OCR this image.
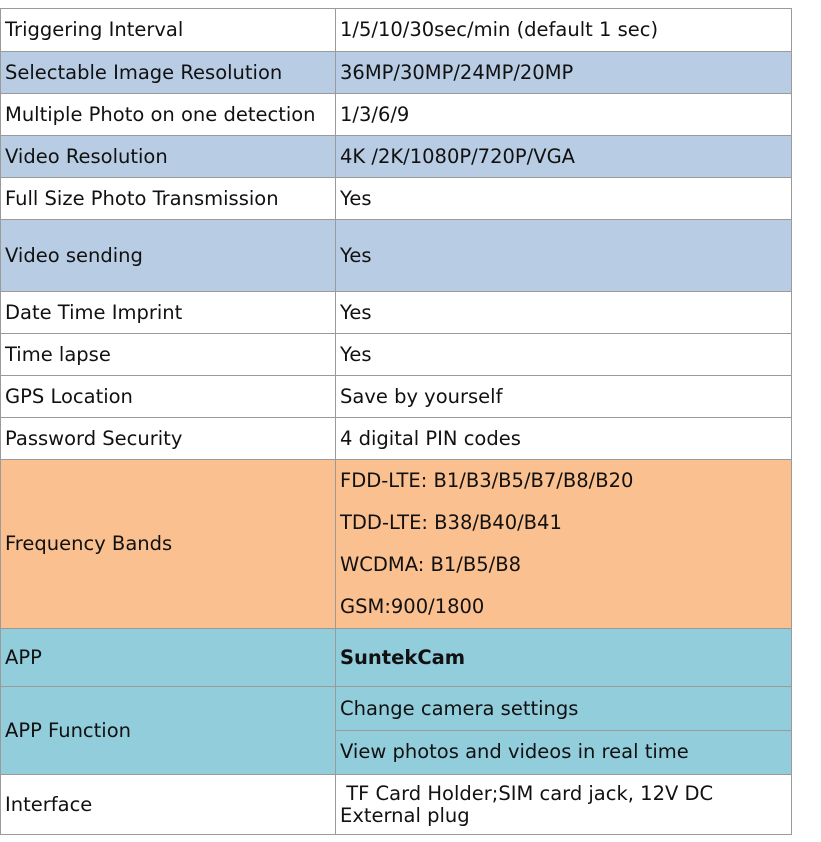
Triggering Interval	1/5/10/30sec/min (default 1 sec)
Selectable Image Resolution	36MP/30MP/24MP/20MP
Multiple Photo on one detection	1/3/6/9
Video Resolution	4K /2K/1080P/720P/VGA
Full Size Photo Transmission	Yes
Video sending	Yes
Date Time Imprint	Yes
Time lapse	Yes
GPS Location	Save by yourself
Password Security	4 digital PIN codes
Frequency Bands	FDD-LTE: B1/B3/B5/B7/B8/B20
TDD-LTE: B38/B40/B41
WCDMA: B1/B5/B8
GSM:900/1800

APP	SuntekCam
APP Function	Change camera settings
View photos and videos in real time

Interface	TF Card Holder;SIM card jack, 12V DC External plug
